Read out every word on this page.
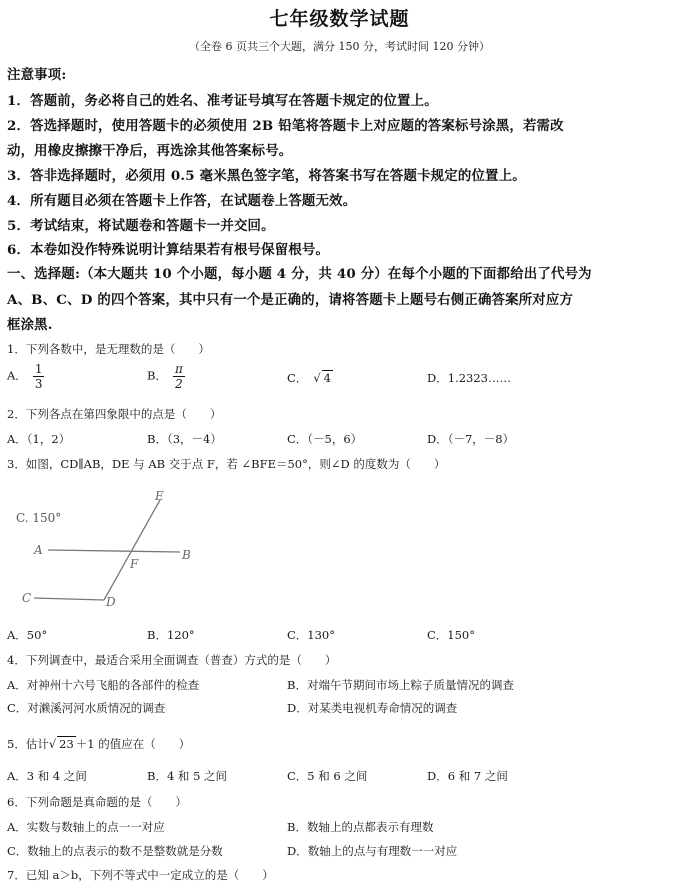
七年级数学试题
（全卷 6 页共三个大题，满分 150 分，考试时间 120 分钟）
注意事项:
1．答题前，务必将自己的姓名、准考证号填写在答题卡规定的位置上。
2．答选择题时，使用答题卡的必须使用 2B 铅笔将答题卡上对应题的答案标号涂黑，若需改
动，用橡皮擦擦干净后，再选涂其他答案标号。
3．答非选择题时，必须用 0.5 毫米黑色签字笔，将答案书写在答题卡规定的位置上。
4．所有题目必须在答题卡上作答，在试题卷上答题无效。
5．考试结束，将试题卷和答题卡一并交回。
6．本卷如没作特殊说明计算结果若有根号保留根号。
一、选择题:（本大题共 10 个小题，每小题 4 分，共 40 分）在每个小题的下面都给出了代号为
A、B、C、D 的四个答案，其中只有一个是正确的，请将答题卡上题号右侧正确答案所对应方
框涂黑.
1．下列各数中，是无理数的是（　　）
A． $\frac{1}{3}$	B． $\frac{\pi}{2}$	C． √ 4	D．1.2323……
2．下列各点在第四象限中的点是（　　）
A．（1，2）	B．（3，－4）	C．（－5，6）	D．（－7，－8）
3．如图，CD∥AB，DE 与 AB 交于点 F，若 ∠BFE＝50°，则∠D 的度数为（　　）
C. 150°
A	B
C	D
E
F
A．50°	B．120°	C．130°	C．150°
4．下列调查中，最适合采用全面调查（普查）方式的是（　　）
A．对神州十六号飞船的各部件的检查	B．对端午节期间市场上粽子质量情况的调查
C．对濑溪河河水质情况的调查	D．对某类电视机寿命情况的调查
5．估计√ 23 ＋1 的值应在（　　）
A．3 和 4 之间	B．4 和 5 之间	C．5 和 6 之间	D．6 和 7 之间
6．下列命题是真命题的是（　　）
A．实数与数轴上的点一一对应	B．数轴上的点都表示有理数
C．数轴上的点表示的数不是整数就是分数	D．数轴上的点与有理数一一对应
7．已知 a＞b，下列不等式中一定成立的是（　　）
